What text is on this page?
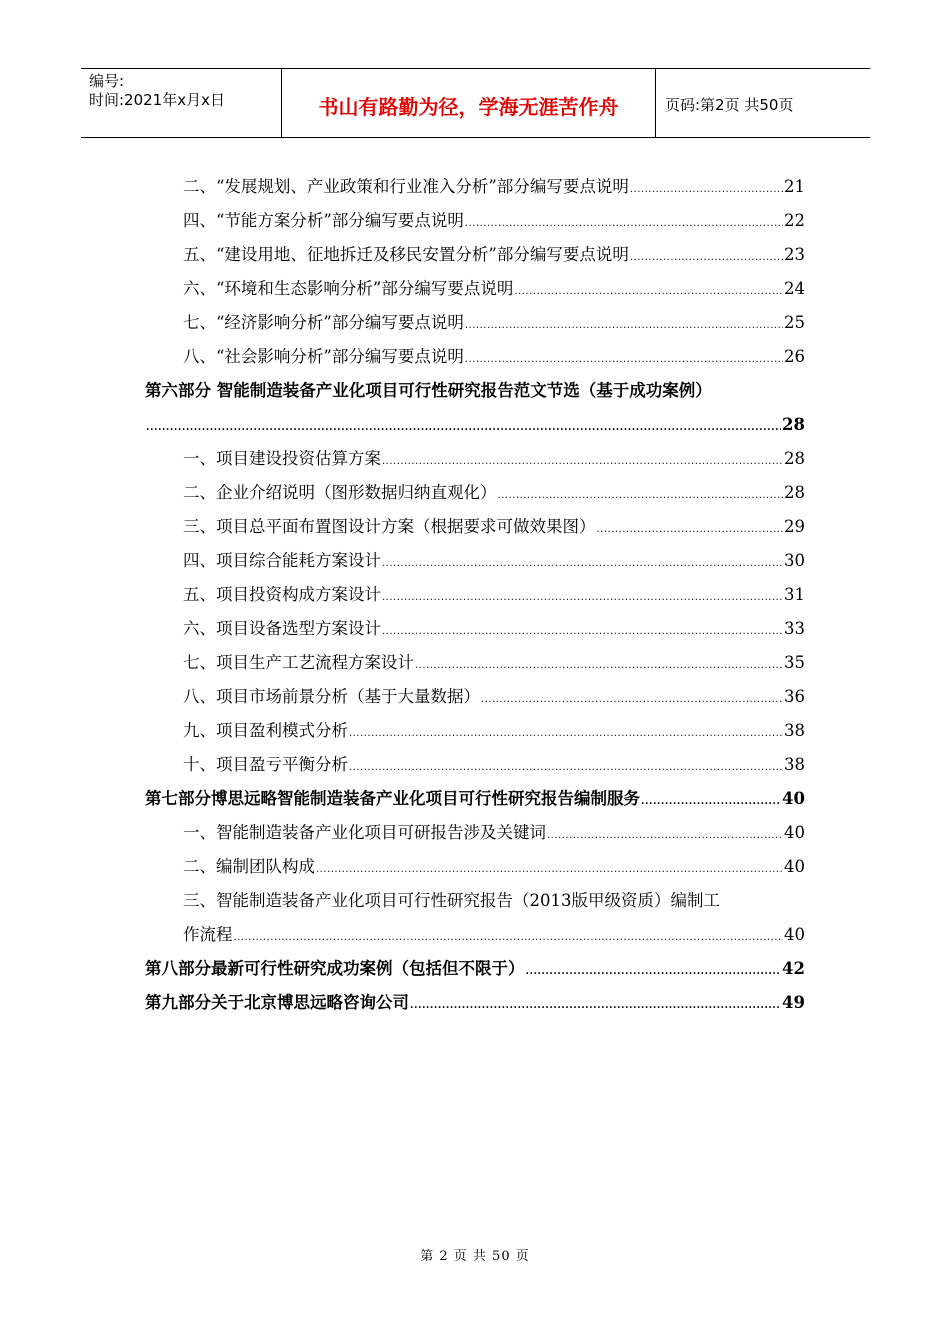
编号:
时间:2021年x月x日	书山有路勤为径，学海无涯苦作舟	页码:第2页 共50页
二、“发展规划、产业政策和行业准入分析”部分编写要点说明 .....	21
四、“节能方案分析”部分编写要点说明 .....	22
五、“建设用地、征地拆迁及移民安置分析”部分编写要点说明 .....	23
六、“环境和生态影响分析”部分编写要点说明 .....	24
七、“经济影响分析”部分编写要点说明 .....	25
八、“社会影响分析”部分编写要点说明 .....	26
第六部分 智能制造装备产业化项目可行性研究报告范文节选（基于成功案例）
.....
28
一、项目建设投资估算方案 .....	28
二、企业介绍说明（图形数据归纳直观化） .....	28
三、项目总平面布置图设计方案（根据要求可做效果图） .....	29
四、项目综合能耗方案设计 .....	30
五、项目投资构成方案设计 .....	31
六、项目设备选型方案设计 .....	33
七、项目生产工艺流程方案设计 .....	35
八、项目市场前景分析（基于大量数据） .....	36
九、项目盈利模式分析 .....	38
十、项目盈亏平衡分析 .....	38
第七部分博思远略智能制造装备产业化项目可行性研究报告编制服务 .....	40
一、智能制造装备产业化项目可研报告涉及关键词 .....	40
二、编制团队构成 .....	40
三、智能制造装备产业化项目可行性研究报告（2013版甲级资质）编制工
作流程 .....	40
第八部分最新可行性研究成功案例（包括但不限于） .....	42
第九部分关于北京博思远略咨询公司 .....	49
第 2 页 共 50 页
